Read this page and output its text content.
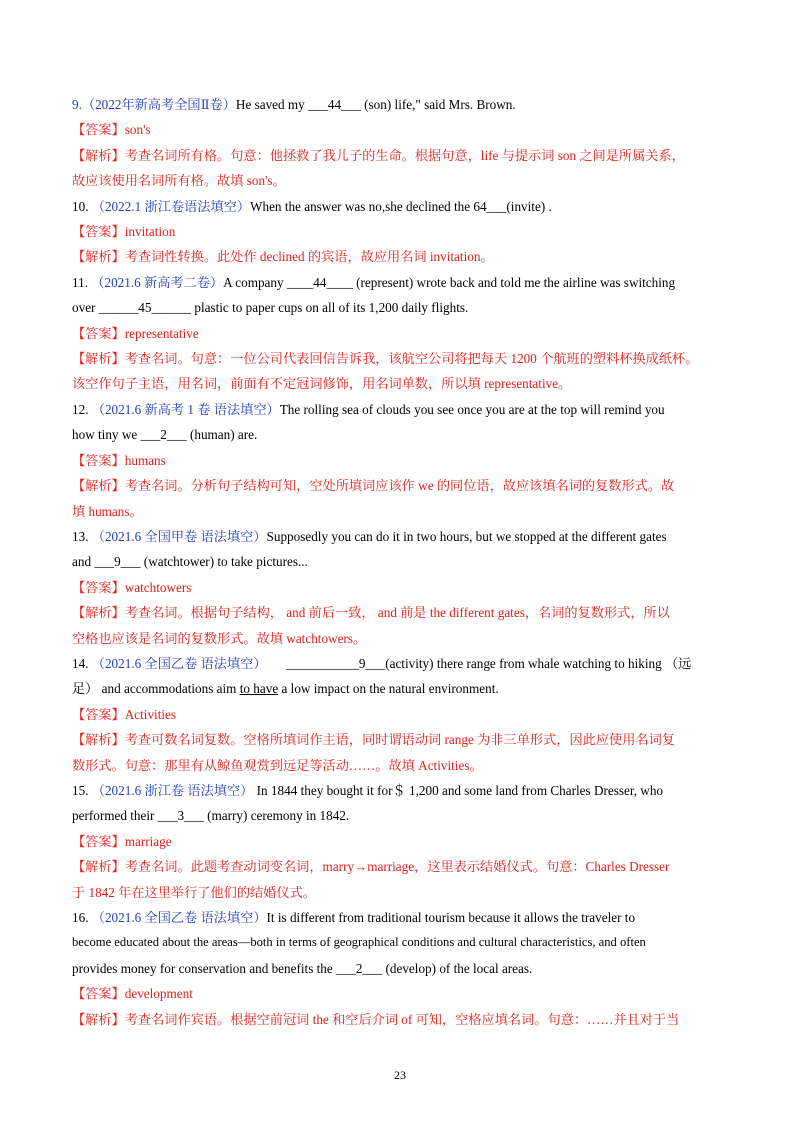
9.（2022年新高考全国Ⅱ卷）He saved my ___44___ (son) life," said Mrs. Brown.
【答案】son's
【解析】考查名词所有格。句意：他拯救了我儿子的生命。根据句意，life 与提示词 son 之间是所属关系，
故应该使用名词所有格。故填 son's。
10. （2022.1 浙江卷语法填空）When the answer was no,she declined the 64___(invite) .
【答案】invitation
【解析】考查词性转换。此处作 declined 的宾语，故应用名词 invitation。
11. （2021.6 新高考二卷）A company ____44____ (represent) wrote back and told me the airline was switching
over ______45______ plastic to paper cups on all of its 1,200 daily flights.
【答案】representative
【解析】考查名词。句意：一位公司代表回信告诉我，该航空公司将把每天 1200 个航班的塑料杯换成纸杯。
该空作句子主语，用名词，前面有不定冠词修饰，用名词单数，所以填 representative。
12. （2021.6 新高考 1 卷 语法填空）The rolling sea of clouds you see once you are at the top will remind you
how tiny we ___2___ (human) are.
【答案】humans
【解析】考查名词。分析句子结构可知，空处所填词应该作 we 的同位语，故应该填名词的复数形式。故
填 humans。
13. （2021.6 全国甲卷 语法填空）Supposedly you can do it in two hours, but we stopped at the different gates
and ___9___ (watchtower) to take pictures...
【答案】watchtowers
【解析】考查名词。根据句子结构， and 前后一致， and 前是 the different gates，名词的复数形式，所以
空格也应该是名词的复数形式。故填 watchtowers。
14. （2021.6 全国乙卷 语法填空） ___________9___(activity) there range from whale watching to hiking （远
足） and accommodations aim to have a low impact on the natural environment.
【答案】Activities
【解析】考查可数名词复数。空格所填词作主语，同时谓语动词 range 为非三单形式，因此应使用名词复
数形式。句意：那里有从鲸鱼观赏到远足等活动……。故填 Activities。
15. （2021.6 浙江卷 语法填空） In 1844 they bought it for＄ 1,200 and some land from Charles Dresser, who
performed their ___3___ (marry) ceremony in 1842.
【答案】marriage
【解析】考查名词。此题考查动词变名词，marry→marriage，这里表示结婚仪式。句意：Charles Dresser
于 1842 年在这里举行了他们的结婚仪式。
16. （2021.6 全国乙卷 语法填空）It is different from traditional tourism because it allows the traveler to
become educated about the areas—both in terms of geographical conditions and cultural characteristics, and often
provides money for conservation and benefits the ___2___ (develop) of the local areas.
【答案】development
【解析】考查名词作宾语。根据空前冠词 the 和空后介词 of 可知，空格应填名词。句意：……并且对于当
23
